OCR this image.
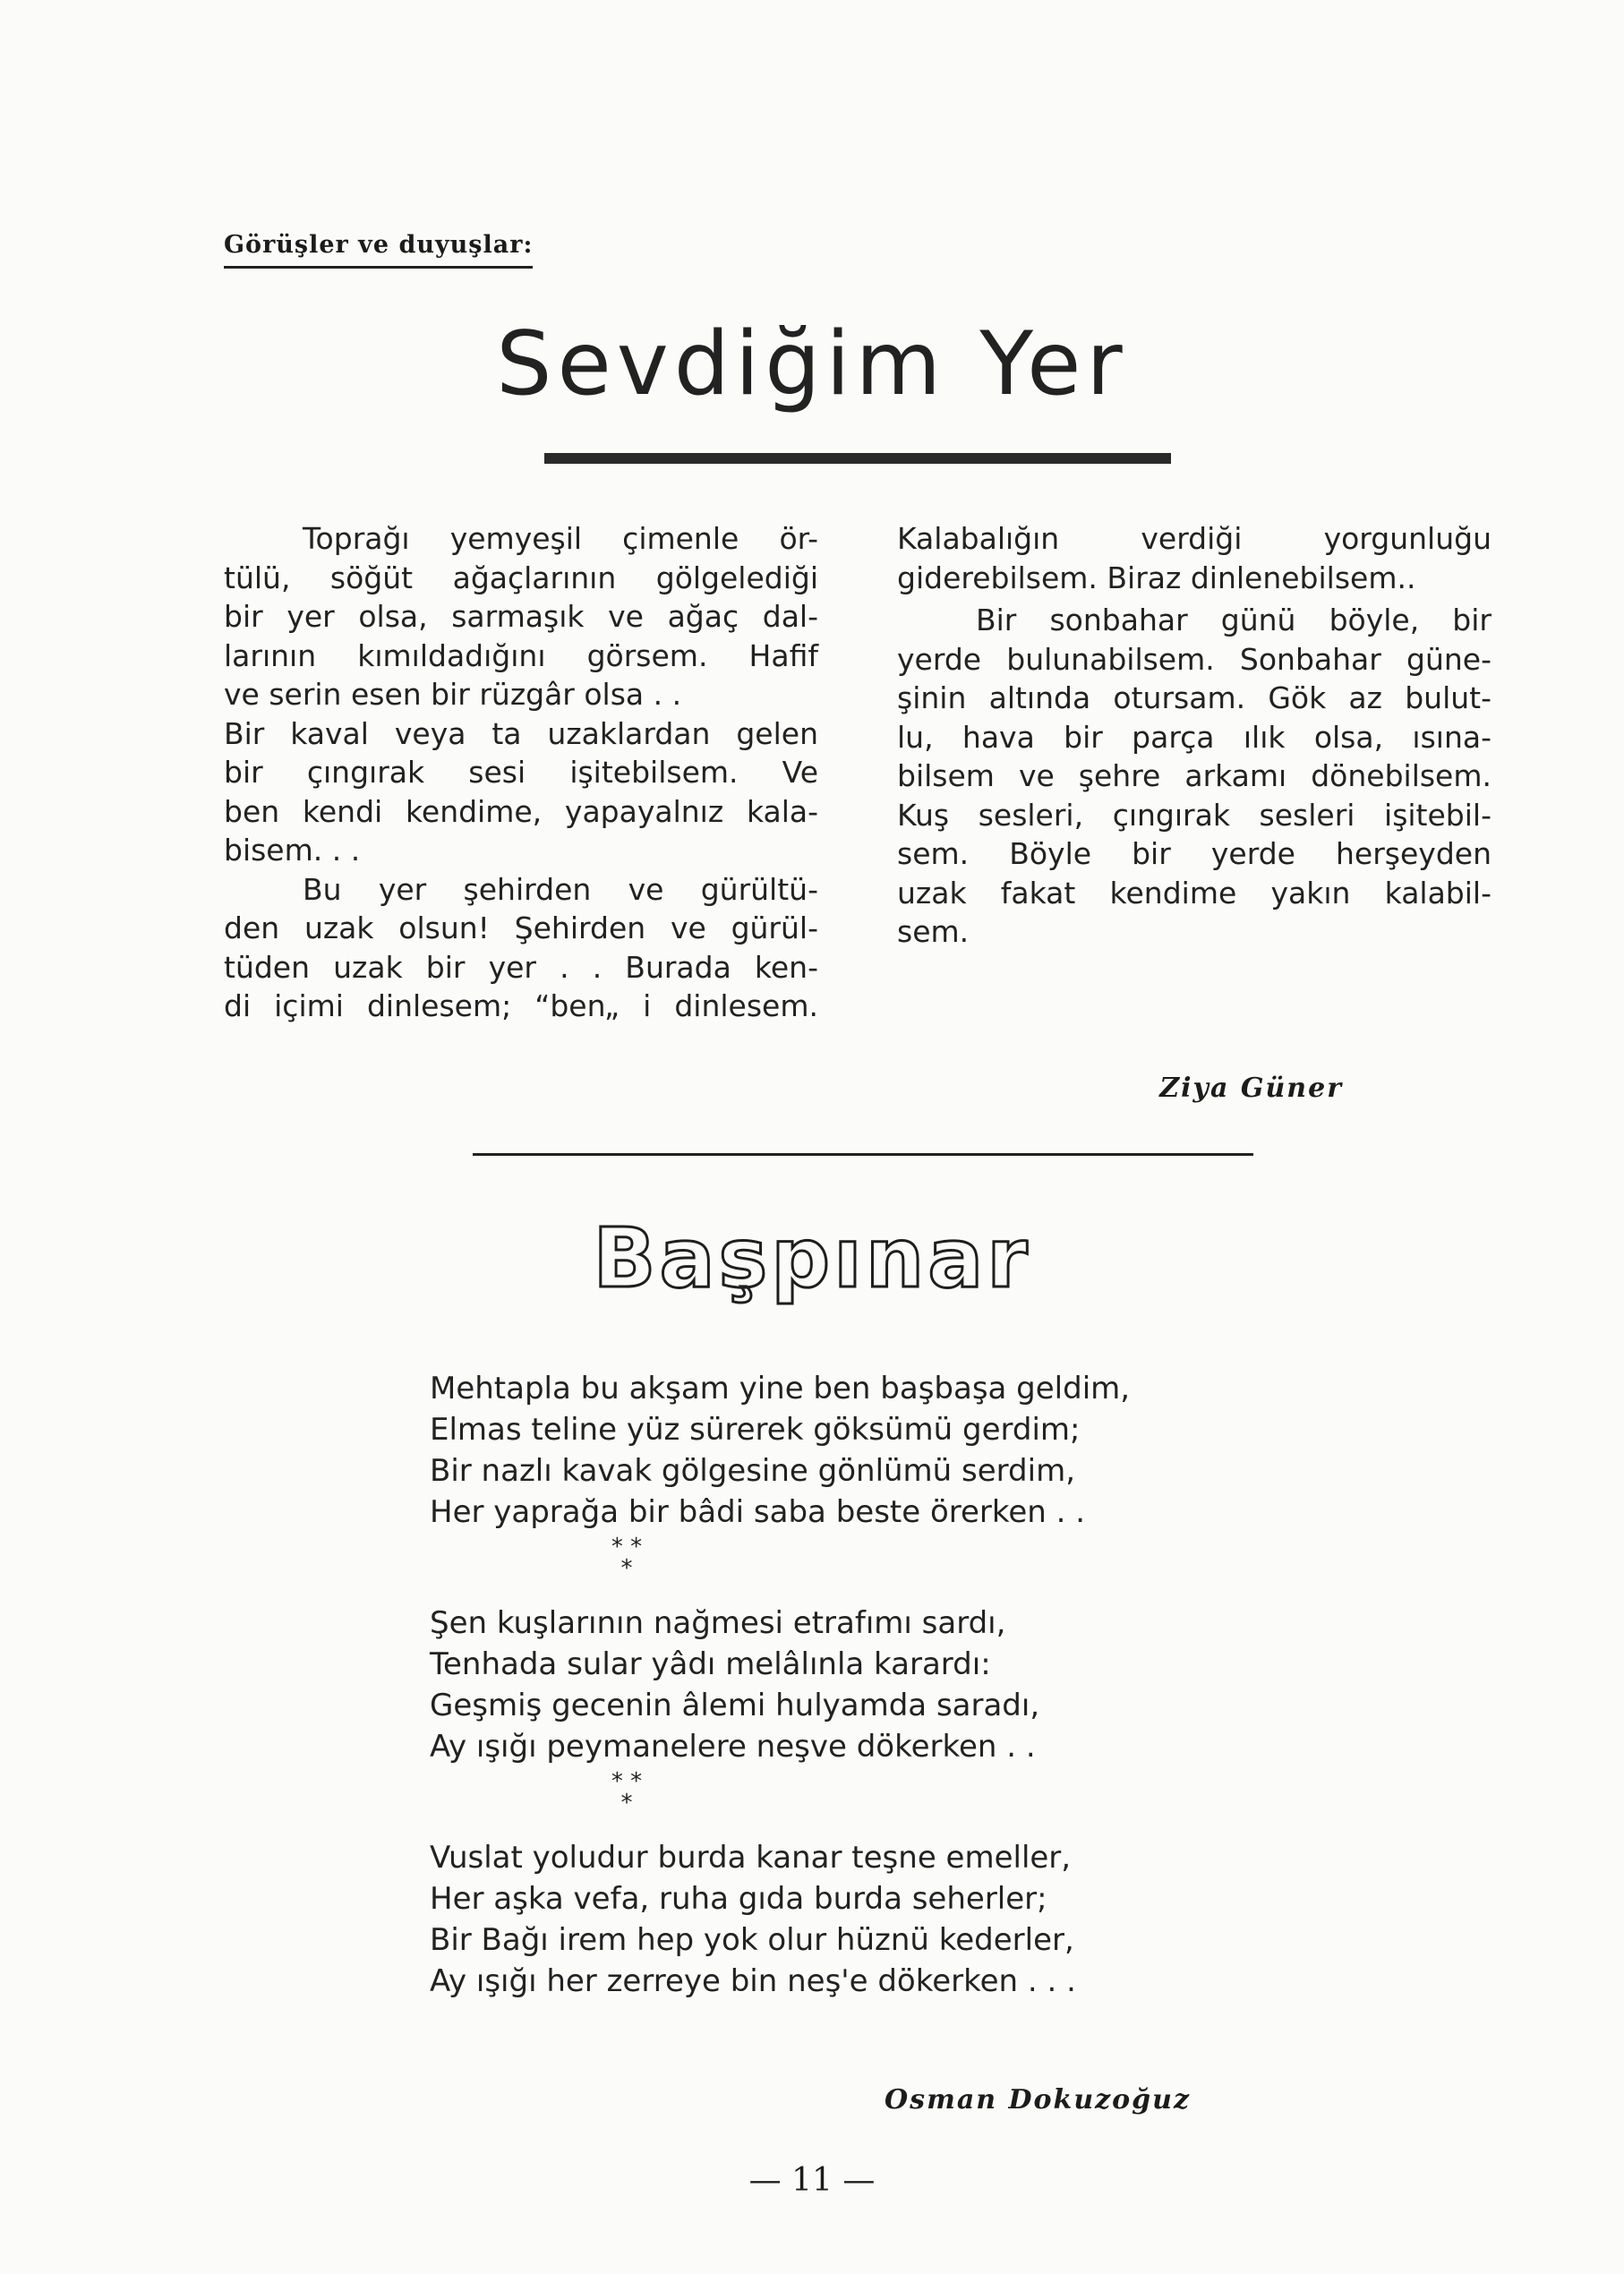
Görüşler ve duyuşlar:
Sevdiğim Yer

Toprağı yemyeşil çimenle ör-

tülü, söğüt ağaçlarının gölgelediği

bir yer olsa, sarmaşık ve ağaç dal-

larının kımıldadığını görsem. Hafif

ve serin esen bir rüzgâr olsa . .

Bir kaval veya ta uzaklardan gelen

bir çıngırak sesi işitebilsem. Ve

ben kendi kendime, yapayalnız kala-

bisem. . .

Bu yer şehirden ve gürültü-

den uzak olsun! Şehirden ve gürül-

tüden uzak bir yer . . Burada ken-

di içimi dinlesem; “ben„ i dinlesem.

Kalabalığın verdiği yorgunluğu

giderebilsem. Biraz dinlenebilsem..

Bir sonbahar günü böyle, bir

yerde bulunabilsem. Sonbahar güne-

şinin altında otursam. Gök az bulut-

lu, hava bir parça ılık olsa, ısına-

bilsem ve şehre arkamı dönebilsem.

Kuş sesleri, çıngırak sesleri işitebil-

sem. Böyle bir yerde herşeyden

uzak fakat kendime yakın kalabil-

sem.

Ziya Güner
Başpınar
Mehtapla bu akşam yine ben başbaşa geldim,
Elmas teline yüz sürerek göksümü gerdim;
Bir nazlı kavak gölgesine gönlümü serdim,
Her yaprağa bir bâdi saba beste örerken . .
* *
*
Şen kuşlarının nağmesi etrafımı sardı,
Tenhada sular yâdı melâlınla karardı:
Geşmiş gecenin âlemi hulyamda saradı,
Ay ışığı peymanelere neşve dökerken . .
* *
*
Vuslat yoludur burda kanar teşne emeller,
Her aşka vefa, ruha gıda burda seherler;
Bir Bağı irem hep yok olur hüznü kederler,
Ay ışığı her zerreye bin neş'e dökerken . . .
Osman Dokuzoğuz
— 11 —
